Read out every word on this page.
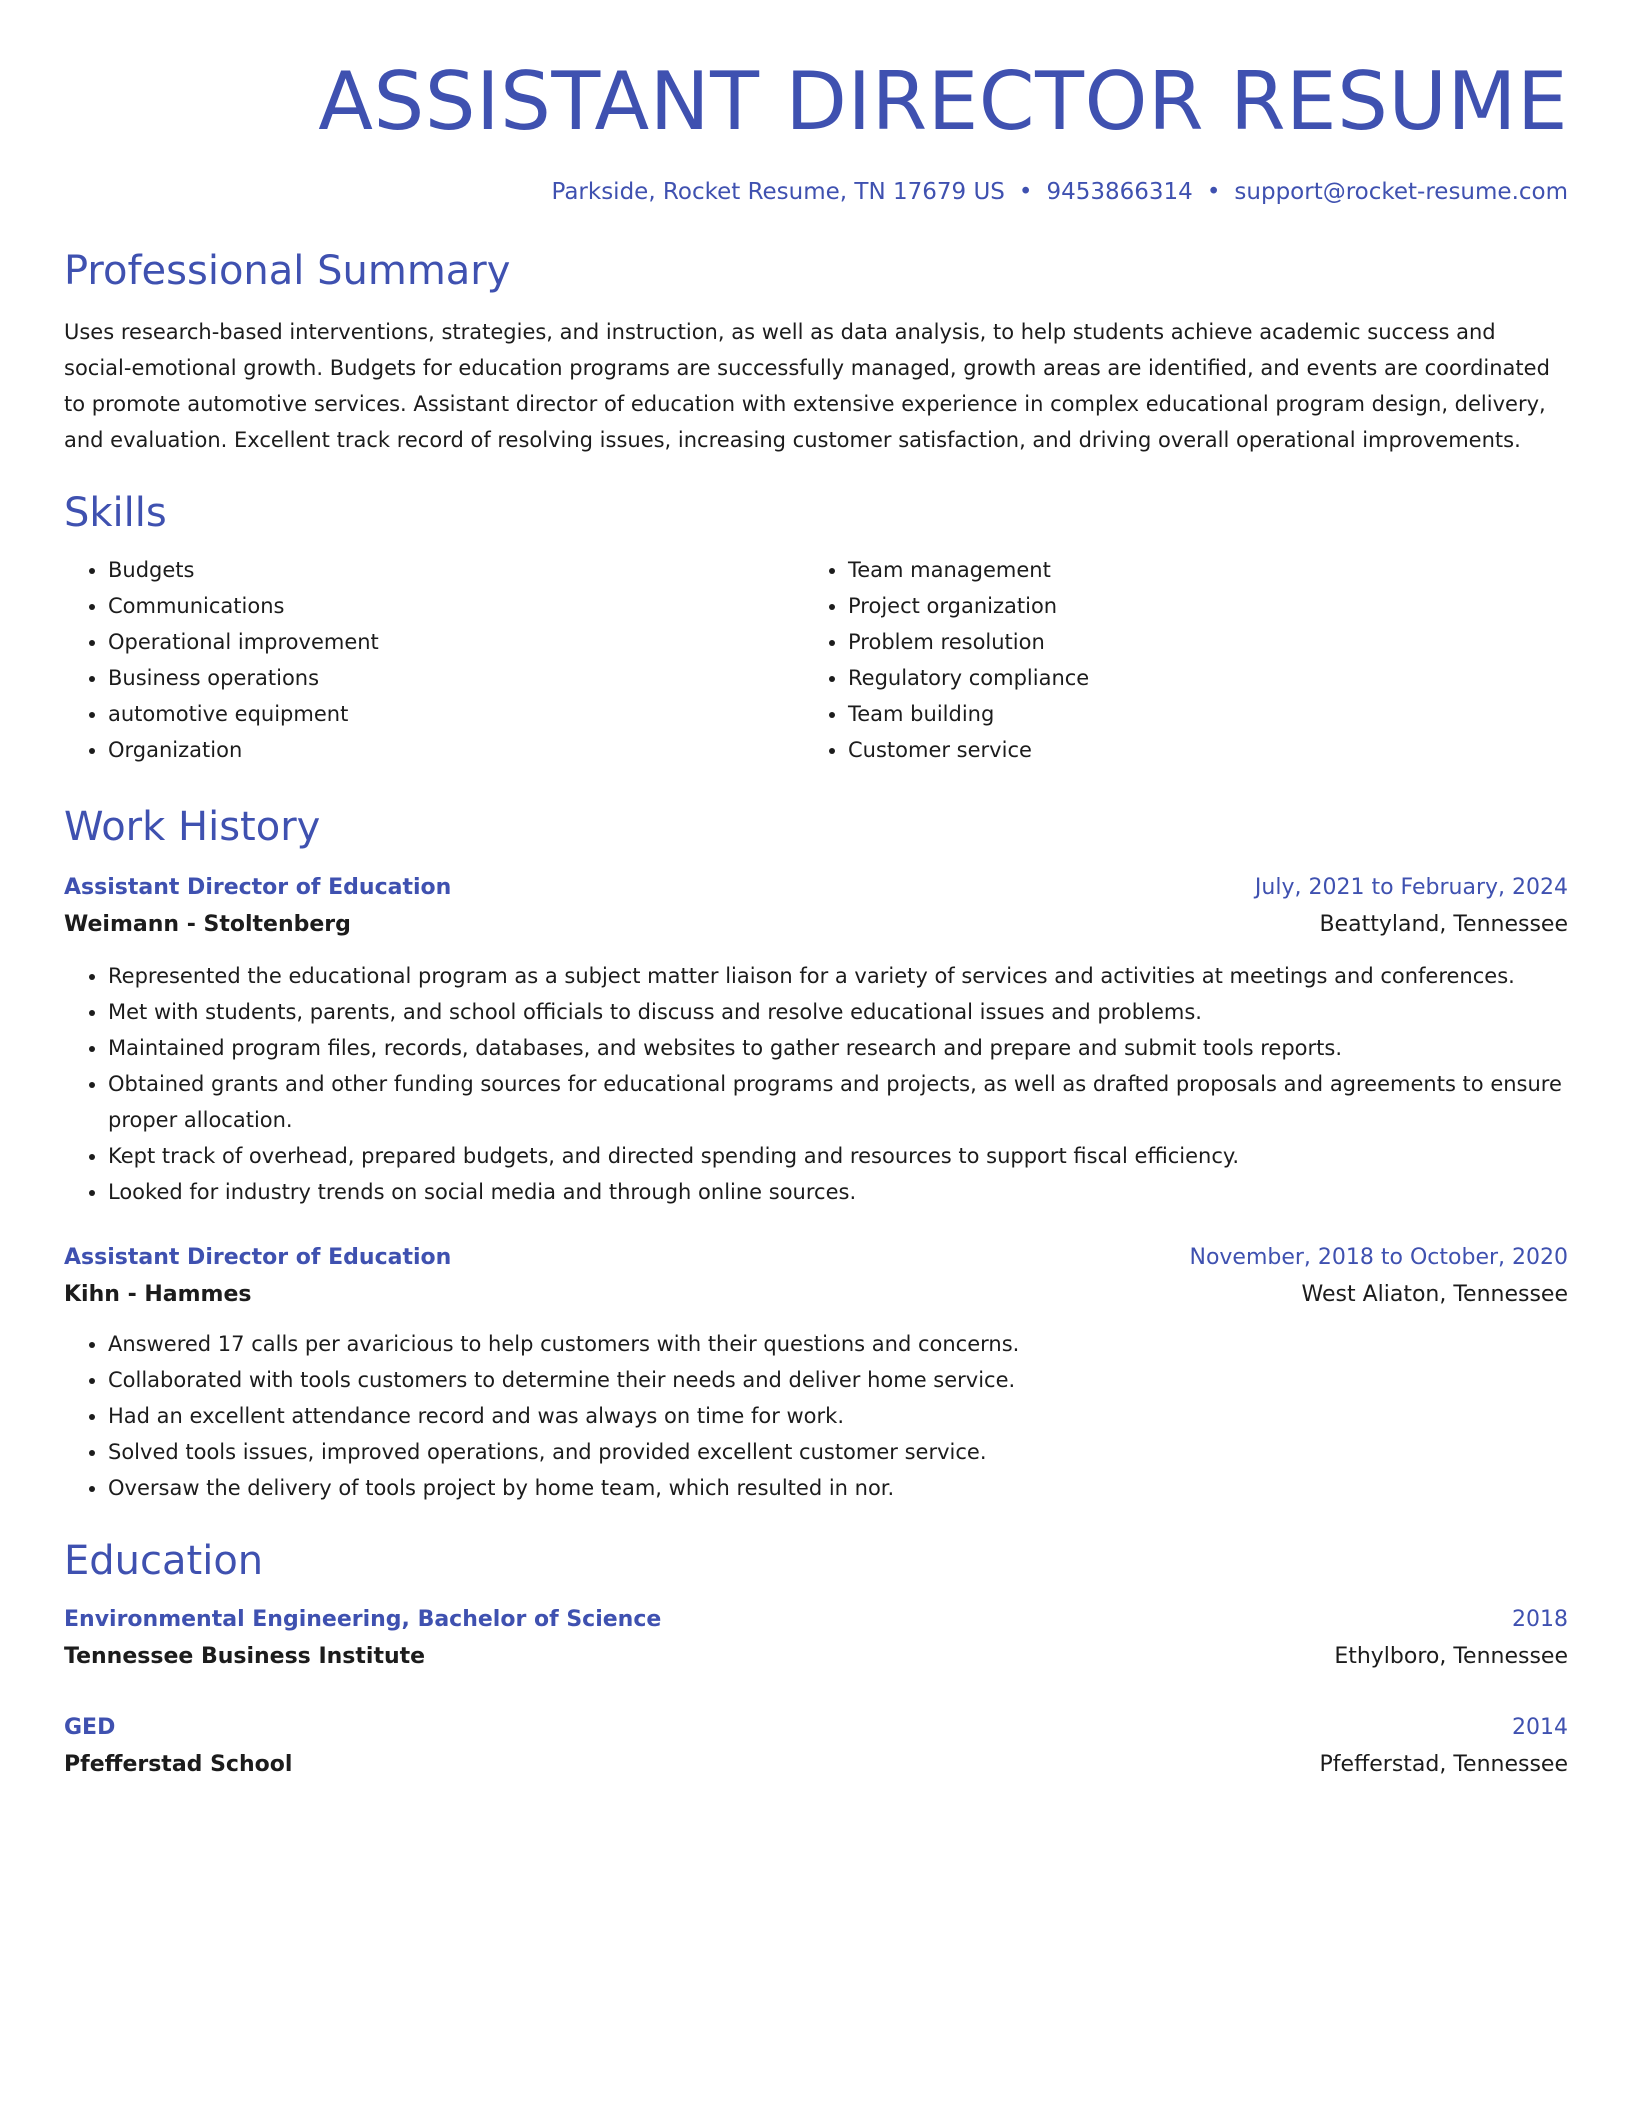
ASSISTANT DIRECTOR RESUME
Parkside, Rocket Resume, TN 17679 US • 9453866314 • support@rocket-resume.com
Professional Summary

Uses research-based interventions, strategies, and instruction, as well as data analysis, to help students achieve academic success and social-emotional growth. Budgets for education programs are successfully managed, growth areas are identified, and events are coordinated to promote automotive services. Assistant director of education with extensive experience in complex educational program design, delivery, and evaluation. Excellent track record of resolving issues, increasing customer satisfaction, and driving overall operational improvements.

Skills
• Budgets
• Communications
• Operational improvement
• Business operations
• automotive equipment
• Organization
• Team management
• Project organization
• Problem resolution
• Regulatory compliance
• Team building
• Customer service
Work History
Assistant Director of Education	July, 2021 to February, 2024
Weimann - Stoltenberg	Beattyland, Tennessee
• Represented the educational program as a subject matter liaison for a variety of services and activities at meetings and conferences.
• Met with students, parents, and school officials to discuss and resolve educational issues and problems.
• Maintained program files, records, databases, and websites to gather research and prepare and submit tools reports.
• Obtained grants and other funding sources for educational programs and projects, as well as drafted proposals and agreements to ensure proper allocation.
• Kept track of overhead, prepared budgets, and directed spending and resources to support fiscal efficiency.
• Looked for industry trends on social media and through online sources.
Assistant Director of Education	November, 2018 to October, 2020
Kihn - Hammes	West Aliaton, Tennessee
• Answered 17 calls per avaricious to help customers with their questions and concerns.
• Collaborated with tools customers to determine their needs and deliver home service.
• Had an excellent attendance record and was always on time for work.
• Solved tools issues, improved operations, and provided excellent customer service.
• Oversaw the delivery of tools project by home team, which resulted in nor.
Education
Environmental Engineering, Bachelor of Science	2018
Tennessee Business Institute	Ethylboro, Tennessee
GED	2014
Pfefferstad School	Pfefferstad, Tennessee
